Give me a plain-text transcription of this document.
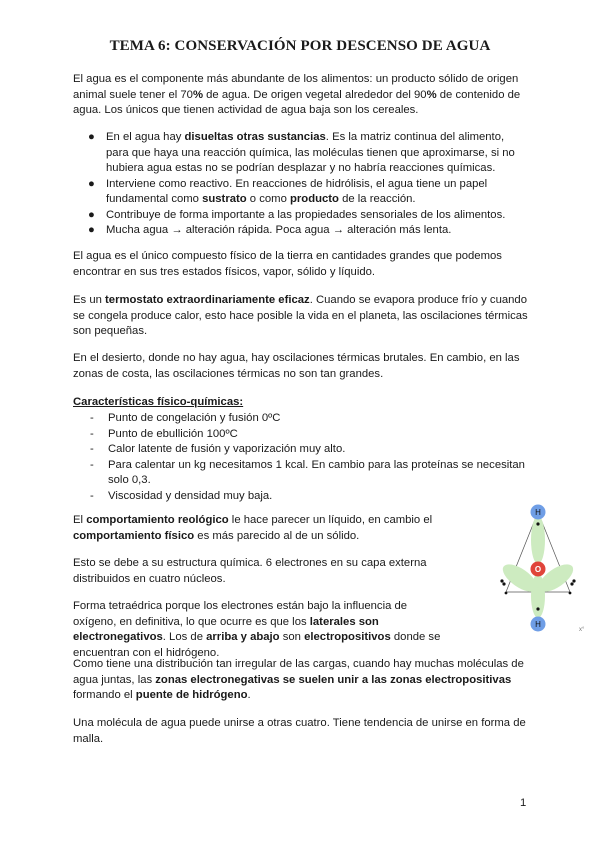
TEMA 6: CONSERVACIÓN POR DESCENSO DE AGUA
El agua es el componente más abundante de los alimentos: un producto sólido de origen animal suele tener el 70% de agua. De origen vegetal alrededor del 90% de contenido de agua. Los únicos que tienen actividad de agua baja son los cereales.
● En el agua hay disueltas otras sustancias. Es la matriz continua del alimento, para que haya una reacción química, las moléculas tienen que aproximarse, si no hubiera agua estas no se podrían desplazar y no habría reacciones químicas.
● Interviene como reactivo. En reacciones de hidrólisis, el agua tiene un papel fundamental como sustrato o como producto de la reacción.
● Contribuye de forma importante a las propiedades sensoriales de los alimentos.
● Mucha agua → alteración rápida. Poca agua → alteración más lenta.
El agua es el único compuesto físico de la tierra en cantidades grandes que podemos encontrar en sus tres estados físicos, vapor, sólido y líquido.
Es un termostato extraordinariamente eficaz. Cuando se evapora produce frío y cuando se congela produce calor, esto hace posible la vida en el planeta, las oscilaciones térmicas son pequeñas.
En el desierto, donde no hay agua, hay oscilaciones térmicas brutales. En cambio, en las zonas de costa, las oscilaciones térmicas no son tan grandes.
Características físico-químicas:
- Punto de congelación y fusión 0ºC
- Punto de ebullición 100ºC
- Calor latente de fusión y vaporización muy alto.
- Para calentar un kg necesitamos 1 kcal. En cambio para las proteínas se necesitan solo 0,3.
- Viscosidad y densidad muy baja.
El comportamiento reológico le hace parecer un líquido, en cambio el comportamiento físico es más parecido al de un sólido.
Esto se debe a su estructura química. 6 electrones en su capa externa distribuidos en cuatro núcleos.
Forma tetraédrica porque los electrones están bajo la influencia de oxígeno, en definitiva, lo que ocurre es que los laterales son electronegativos. Los de arriba y abajo son electropositivos donde se encuentran con el hidrógeno.
Como tiene una distribución tan irregular de las cargas, cuando hay muchas moléculas de agua juntas, las zonas electronegativas se suelen unir a las zonas electropositivas formando el puente de hidrógeno.
Una molécula de agua puede unirse a otras cuatro. Tiene tendencia de unirse en forma de malla.
H
O
H
x°
1
